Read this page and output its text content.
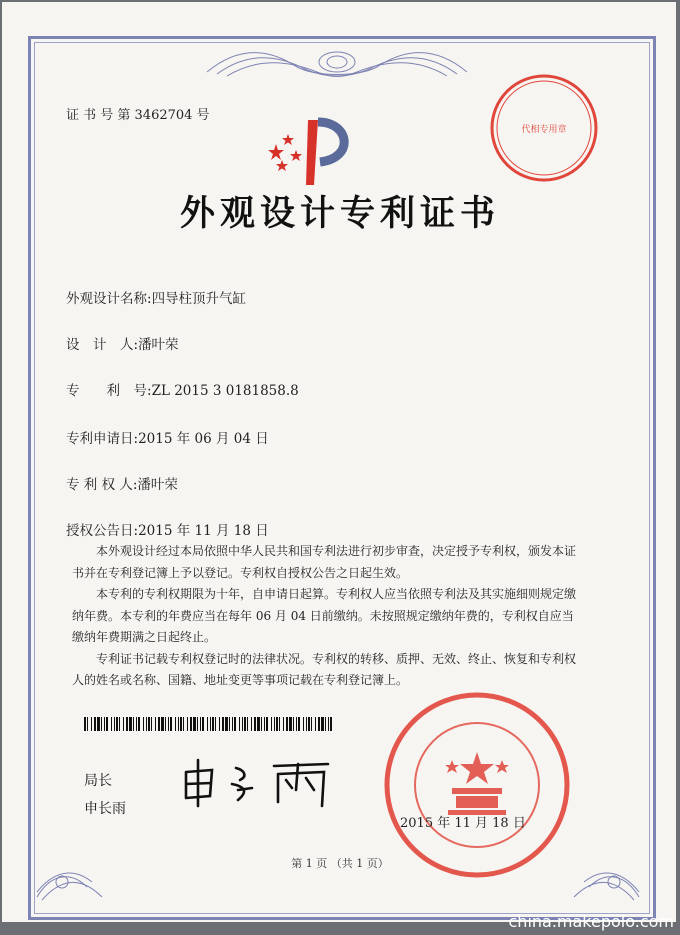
证 书 号 第 3462704 号
外观设计专利证书
外观设计名称:四导柱顶升气缸
设　计　人:潘叶荣
专　　利　号:ZL 2015 3 0181858.8
专利申请日:2015 年 06 月 04 日
专 利 权 人:潘叶荣
授权公告日:2015 年 11 月 18 日

本外观设计经过本局依照中华人民共和国专利法进行初步审查，决定授予专利权，颁发本证书并在专利登记簿上予以登记。专利权自授权公告之日起生效。

本专利的专利权期限为十年，自申请日起算。专利权人应当依照专利法及其实施细则规定缴纳年费。本专利的年费应当在每年 06 月 04 日前缴纳。未按照规定缴纳年费的，专利权自应当缴纳年费期满之日起终止。

专利证书记载专利权登记时的法律状况。专利权的转移、质押、无效、终止、恢复和专利权人的姓名或名称、国籍、地址变更等事项记载在专利登记簿上。

局长
申长雨
代相专用章
2015 年 11 月 18 日
第 1 页 （共 1 页）
china.makepolo.com
